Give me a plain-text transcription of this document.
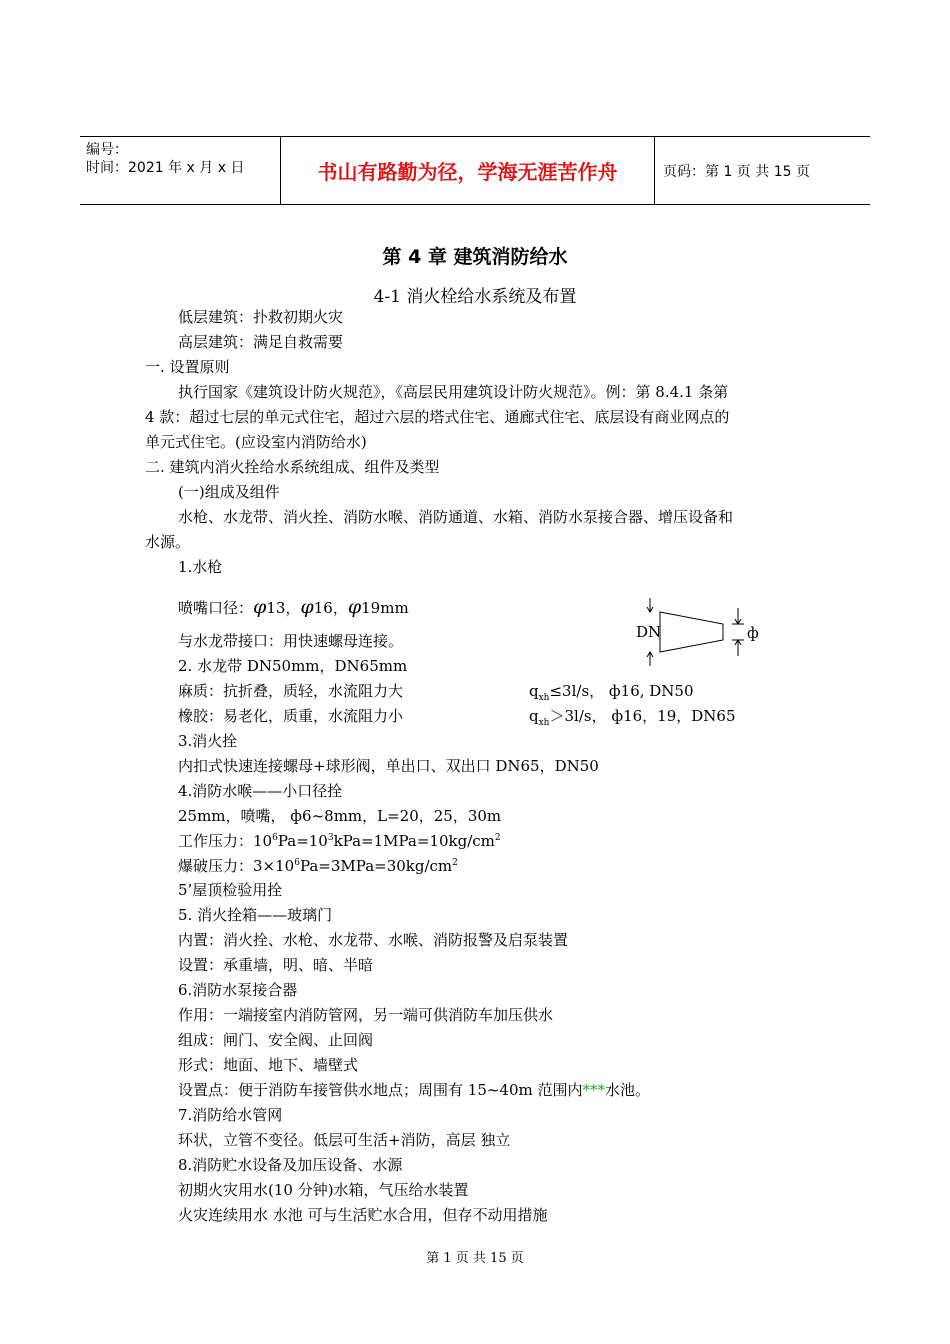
编号：
时间：2021 年 x 月 x 日	书山有路勤为径，学海无涯苦作舟	页码：第 1 页 共 15 页
第 4 章 建筑消防给水
4-1 消火栓给水系统及布置
低层建筑：扑救初期火灾
高层建筑：满足自救需要
一. 设置原则
执行国家《建筑设计防火规范》，《高层民用建筑设计防火规范》。例：第 8.4.1 条第
4 款：超过七层的单元式住宅，超过六层的塔式住宅、通廊式住宅、底层设有商业网点的
单元式住宅。(应设室内消防给水)
二. 建筑内消火拴给水系统组成、组件及类型
(一)组成及组件
水枪、水龙带、消火拴、消防水喉、消防通道、水箱、消防水泵接合器、增压设备和
水源。
1.水枪
喷嘴口径：φ13，φ16，φ19mm
与水龙带接口：用快速螺母连接。
2. 水龙带 DN50mm，DN65mm
麻质：抗折叠，质轻，水流阻力大	$q_{xh}\le 3l/s$， ф16, DN50
橡胶：易老化，质重，水流阻力小	$q_{xh}>3l/s$， ф16，19，DN65
3.消火拴
内扣式快速连接螺母+球形阀，单出口、双出口 DN65，DN50
4.消防水喉——小口径拴
25mm，喷嘴， ф6~8mm，L=20，25，30m
工作压力：$10^6Pa=10^3kPa=1MPa=10kg/cm^2$
爆破压力：$3\times 10^6Pa=3MPa=30kg/cm^2$
5’屋顶检验用拴
5. 消火拴箱——玻璃门
内置：消火拴、水枪、水龙带、水喉、消防报警及启泵装置
设置：承重墙，明、暗、半暗
6.消防水泵接合器
作用：一端接室内消防管网，另一端可供消防车加压供水
组成：闸门、安全阀、止回阀
形式：地面、地下、墙壁式
设置点：便于消防车接管供水地点；周围有 15~40m 范围内***水池。
7.消防给水管网
环状，立管不变径。低层可生活+消防，高层 独立
8.消防贮水设备及加压设备、水源
初期火灾用水(10 分钟)水箱，气压给水装置
火灾连续用水 水池 可与生活贮水合用，但存不动用措施
DN	ф
第 1 页 共 15 页
